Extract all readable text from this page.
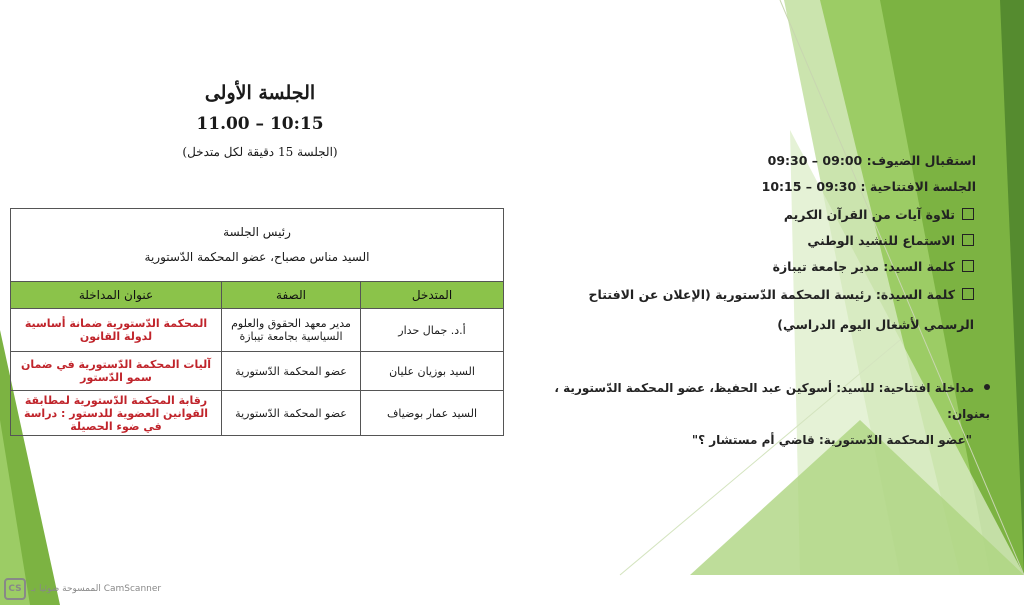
الجلسة الأولى
11.00 – 10:15
(الجلسة 15 دقيقة لكل متدخل)
رئيس الجلسة
السيد مناس مصباح، عضو المحكمة الدّستورية		

المتدخل	الصفة	عنوان المداخلة
أ.د. جمال حدار	مدير معهد الحقوق والعلوم السياسية بجامعة تيبازة	المحكمة الدّستورية ضمانة أساسية لدولة القانون
السيد بوزيان عليان	عضو المحكمة الدّستورية	آليات المحكمة الدّستورية في ضمان سمو الدّستور
السيد عمار بوضياف	عضو المحكمة الدّستورية	رقابة المحكمة الدّستورية لمطابقة القوانين العضوية للدستور : دراسة في ضوء الحصيلة
استقبال الضيوف: 09:00 – 09:30
الجلسة الافتتاحية : 09:30 – 10:15
تلاوة آيات من القرآن الكريم
الاستماع للنشيد الوطني
كلمة السيد: مدير جامعة تيبازة
كلمة السيدة: رئيسة المحكمة الدّستورية (الإعلان عن الافتتاح الرسمي لأشغال اليوم الدراسي)
مداخلة افتتاحية: للسيد: أسوكين عبد الحفيظ، عضو المحكمة الدّستورية ، بعنوان:
"عضو المحكمة الدّستورية: قاضي أم مستشار ؟"
CS	الممسوحة ضوئيا بـ CamScanner
